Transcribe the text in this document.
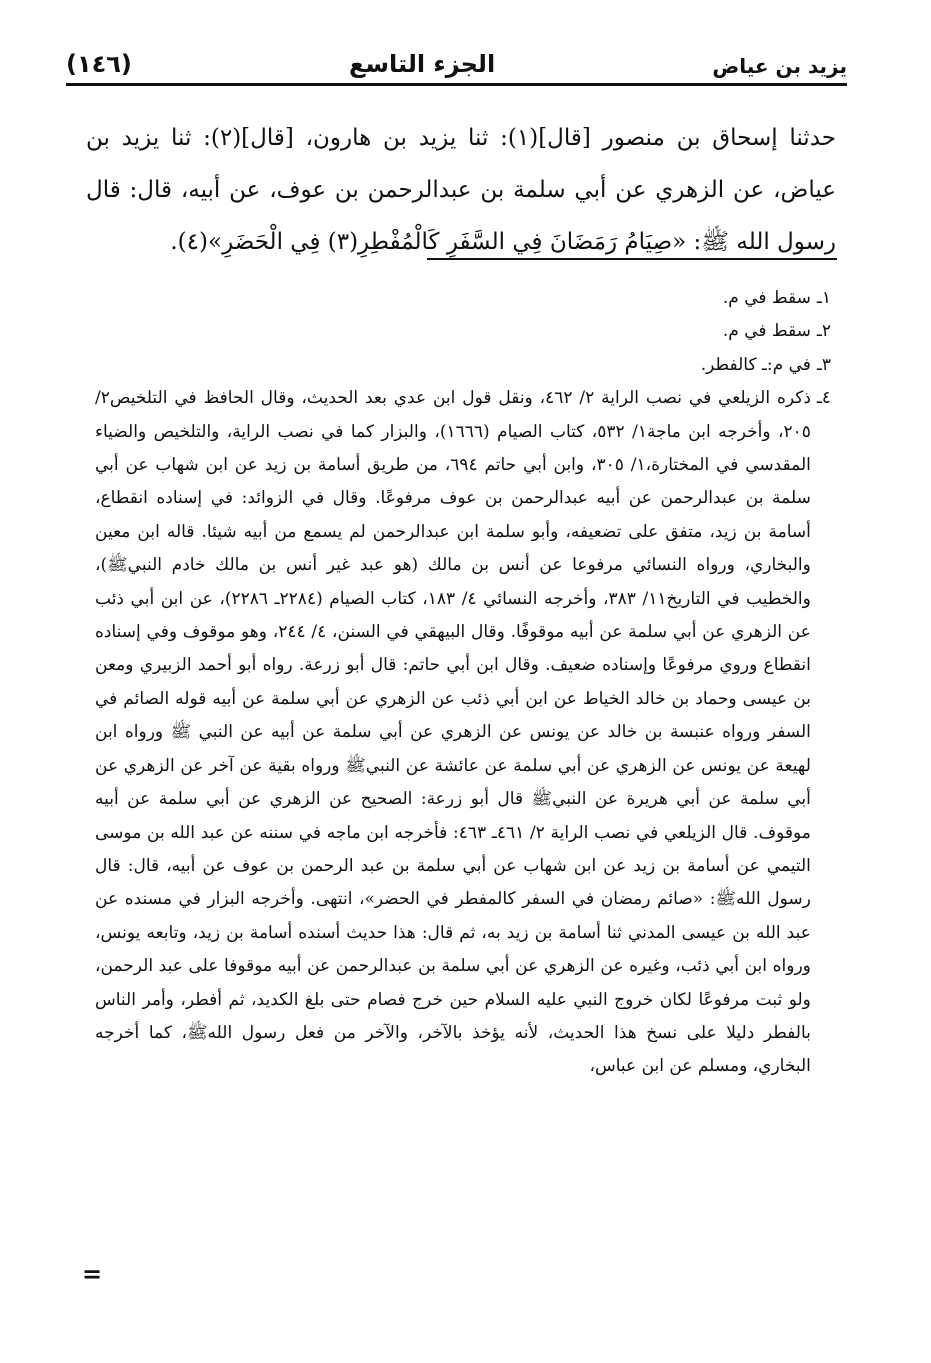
(١٤٦)	الجزء التاسع	يزيد بن عياض
حدثنا إسحاق بن منصور [قال](١): ثنا يزيد بن هارون، [قال](٢): ثنا يزيد بن عياض، عن الزهري عن أبي سلمة بن عبدالرحمن بن عوف، عن أبيه، قال: قال رسول الله ﷺ: «صِيَامُ رَمَضَانَ فِي السَّفَرِ كَالْمُفْطِرِ(٣) فِي الْحَضَرِ»(٤).
١ـ
سقط في م.
٢ـ
سقط في م.
٣ـ
في م:ـ كالفطر.
٤ـ
ذكره الزيلعي في نصب الراية ٢/ ٤٦٢، ونقل قول ابن عدي بعد الحديث، وقال الحافظ في التلخيص٢/ ٢٠٥، وأخرجه ابن ماجة١/ ٥٣٢، كتاب الصيام (١٦٦٦)، والبزار كما في نصب الراية، والتلخيص والضياء المقدسي في المختارة،١/ ٣٠٥، وابن أبي حاتم ٦٩٤، من طريق أسامة بن زيد عن ابن شهاب عن أبي سلمة بن عبدالرحمن عن أبيه عبدالرحمن بن عوف مرفوعًا. وقال في الزوائد: في إسناده انقطاع، أسامة بن زيد، متفق على تضعيفه، وأبو سلمة ابن عبدالرحمن لم يسمع من أبيه شيئا. قاله ابن معين والبخاري، ورواه النسائي مرفوعا عن أنس بن مالك (هو عبد غير أنس بن مالك خادم النبيﷺ)، والخطيب في التاريخ١١/ ٣٨٣، وأخرجه النسائي ٤/ ١٨٣، كتاب الصيام (٢٢٨٤ـ ٢٢٨٦)، عن ابن أبي ذئب عن الزهري عن أبي سلمة عن أبيه موقوفًا. وقال البيهقي في السنن، ٤/ ٢٤٤، وهو موقوف وفي إسناده انقطاع وروي مرفوعًا وإسناده ضعيف. وقال ابن أبي حاتم: قال أبو زرعة. رواه أبو أحمد الزبيري ومعن بن عيسى وحماد بن خالد الخياط عن ابن أبي ذئب عن الزهري عن أبي سلمة عن أبيه قوله الصائم في السفر ورواه عنبسة بن خالد عن يونس عن الزهري عن أبي سلمة عن أبيه عن النبي ﷺ ورواه ابن لهيعة عن يونس عن الزهري عن أبي سلمة عن عائشة عن النبيﷺ ورواه بقية عن آخر عن الزهري عن أبي سلمة عن أبي هريرة عن النبيﷺ قال أبو زرعة: الصحيح عن الزهري عن أبي سلمة عن أبيه موقوف. قال الزيلعي في نصب الراية ٢/ ٤٦١ـ ٤٦٣: فأخرجه ابن ماجه في سننه عن عبد الله بن موسى التيمي عن أسامة بن زيد عن ابن شهاب عن أبي سلمة بن عبد الرحمن بن عوف عن أبيه، قال: قال رسول اللهﷺ: «صائم رمضان في السفر كالمفطر في الحضر»، انتهى. وأخرجه البزار في مسنده عن عبد الله بن عيسى المدني ثنا أسامة بن زيد به، ثم قال: هذا حديث أسنده أسامة بن زيد، وتابعه يونس، ورواه ابن أبي ذئب، وغيره عن الزهري عن أبي سلمة بن عبدالرحمن عن أبيه موقوفا على عبد الرحمن، ولو ثبت مرفوعًا لكان خروج النبي عليه السلام حين خرج فصام حتى بلغ الكديد، ثم أفطر، وأمر الناس بالفطر دليلا على نسخ هذا الحديث، لأنه يؤخذ بالآخر، والآخر من فعل رسول اللهﷺ، كما أخرجه البخاري، ومسلم عن ابن عباس،
=
